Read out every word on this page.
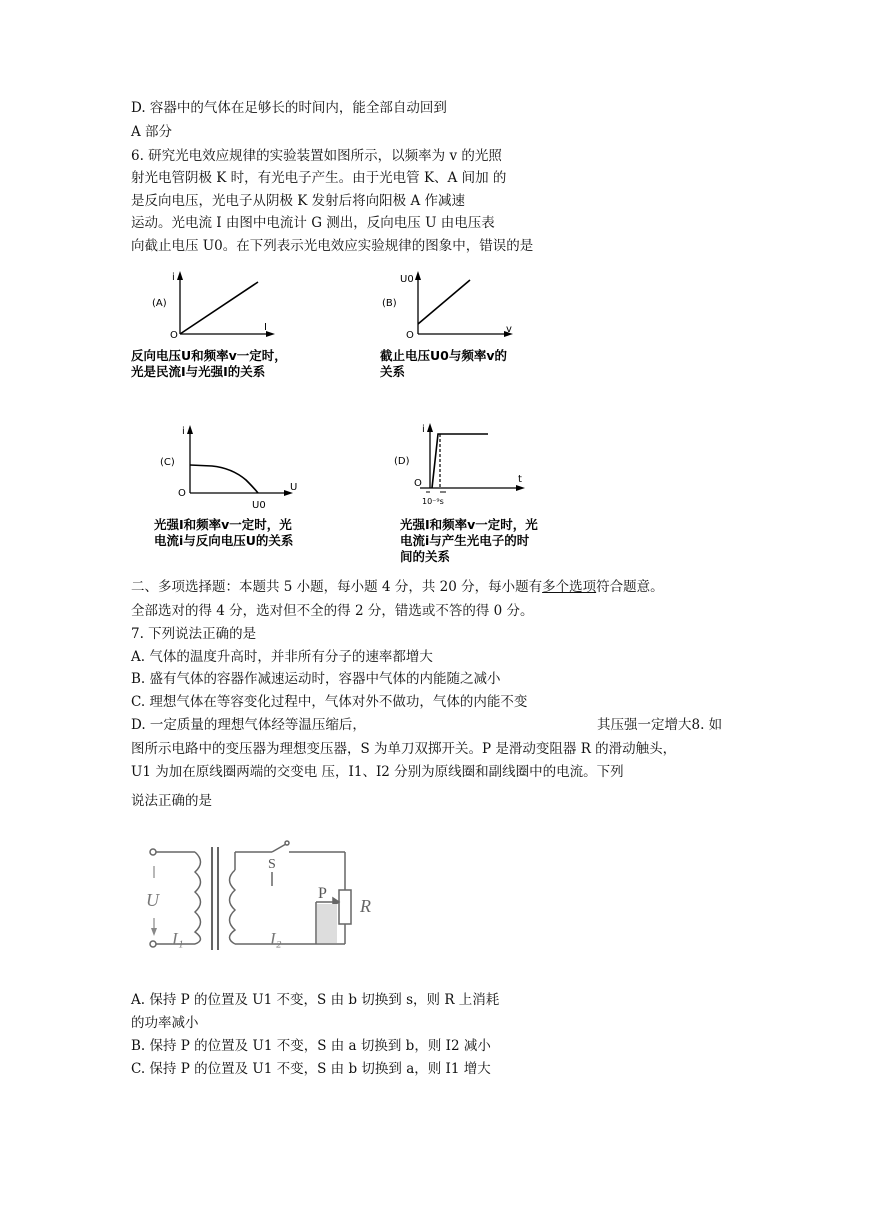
D. 容器中的气体在足够长的时间内，能全部自动回到
A 部分
6. 研究光电效应规律的实验装置如图所示，以频率为 v 的光照
射光电管阴极 K 时，有光电子产生。由于光电管 K、A 间加 的
是反向电压，光电子从阴极 K 发射后将向阳极 A 作减速
运动。光电流 I 由图中电流计 G 测出，反向电压 U 由电压表
向截止电压 U0。在下列表示光电效应实验规律的图象中，错误的是
i
(A)
O
I
反向电压U和频率v一定时，
光是民流I与光强I的关系
U0
(B)
O
v
截止电压U0与频率v的
关系
i
(C)
O
U0
U
光强I和频率v一定时，光
电流i与反向电压U的关系
i
(D)
O
10⁻⁹s
t
光强I和频率v一定时，光
电流i与产生光电子的时
间的关系
二、多项选择题：本题共 5 小题，每小题 4 分，共 20 分，每小题有多个选项符合题意。
全部选对的得 4 分，选对但不全的得 2 分，错选或不答的得 0 分。
7. 下列说法正确的是
A. 气体的温度升高时，并非所有分子的速率都增大
B. 盛有气体的容器作减速运动时，容器中气体的内能随之减小
C. 理想气体在等容变化过程中，气体对外不做功，气体的内能不变
D. 一定质量的理想气体经等温压缩后，	其压强一定增大8. 如
图所示电路中的变压器为理想变压器，S 为单刀双掷开关。P 是滑动变阻器 R 的滑动触头，
U1 为加在原线圈两端的交变电 压，I1、I2 分别为原线圈和副线圈中的电流。下列
说法正确的是
U
I₁	I₂
P
R
S
A. 保持 P 的位置及 U1 不变，S 由 b 切换到 s，则 R 上消耗
的功率减小
B. 保持 P 的位置及 U1 不变，S 由 a 切换到 b，则 I2 减小
C. 保持 P 的位置及 U1 不变，S 由 b 切换到 a，则 I1 增大
